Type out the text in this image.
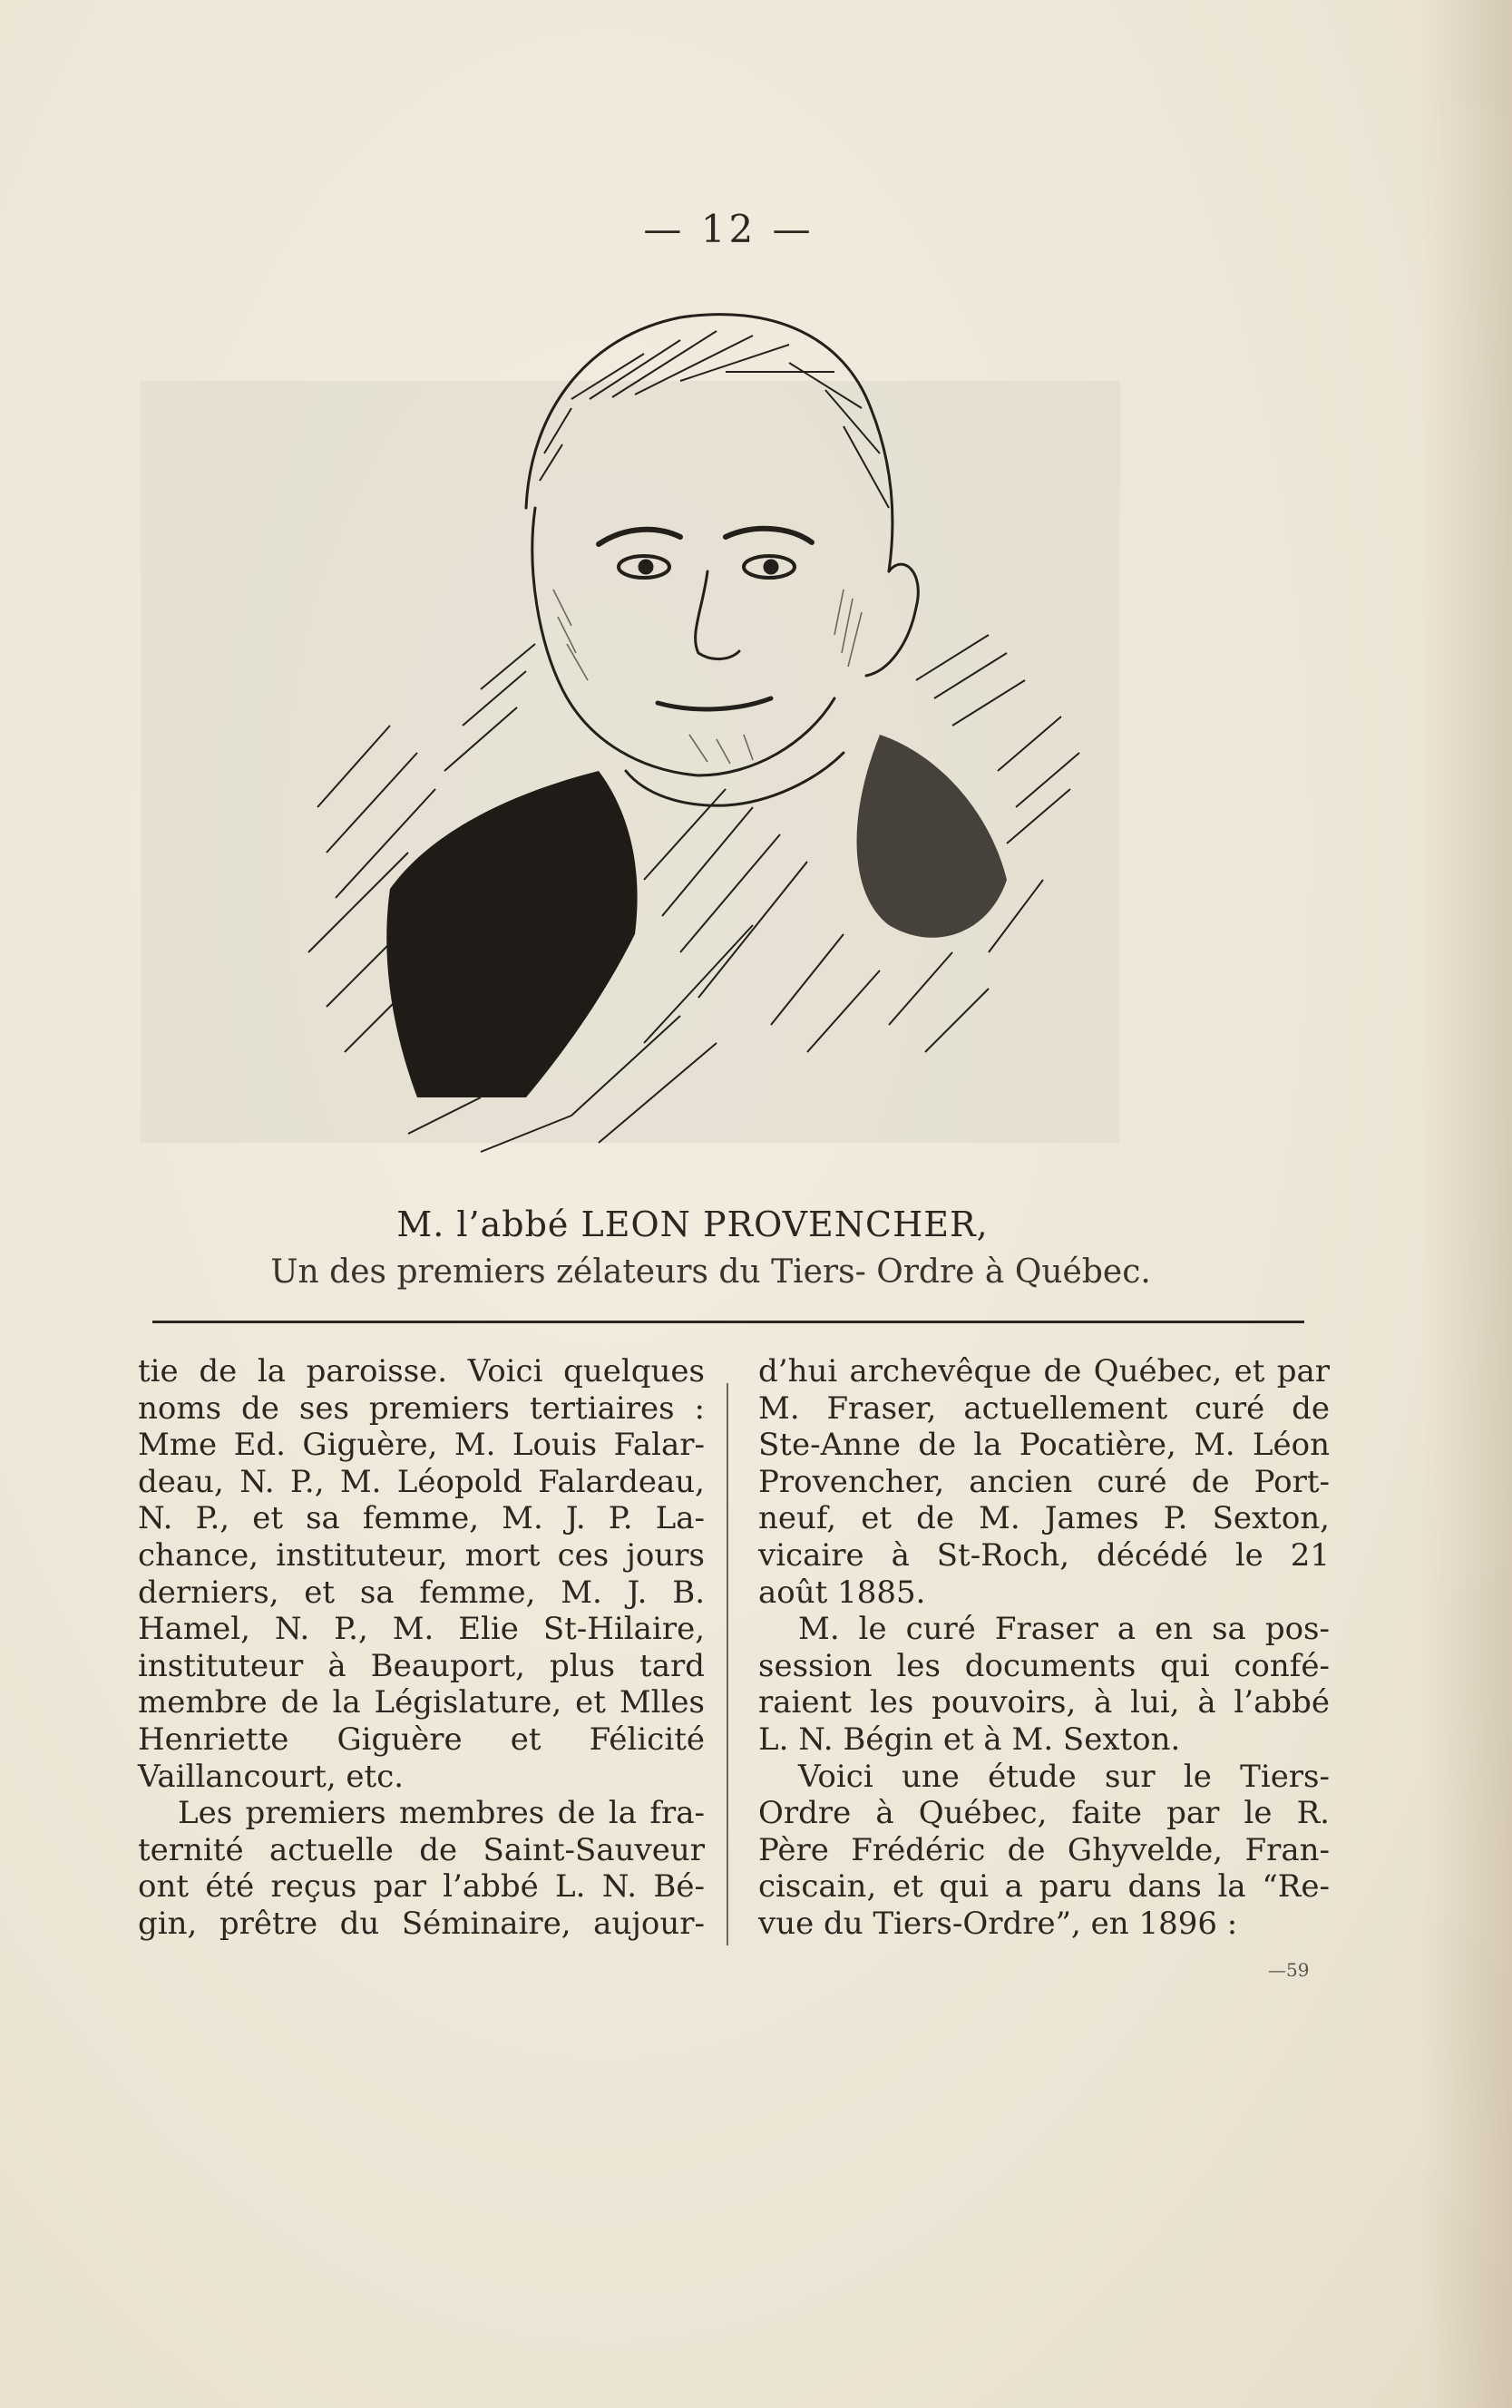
— 12 —
M. l’abbé LEON PROVENCHER,
Un des premiers zélateurs du Tiers- Ordre à Québec.
tie de la paroisse. Voici quelques
noms de ses premiers tertiaires :
Mme Ed. Giguère, M. Louis Falar-
deau, N. P., M. Léopold Falardeau,
N. P., et sa femme, M. J. P. La-
chance, instituteur, mort ces jours
derniers, et sa femme, M. J. B.
Hamel, N. P., M. Elie St-Hilaire,
instituteur à Beauport, plus tard
membre de la Législature, et Mlles
Henriette Giguère et Félicité
Vaillancourt, etc.
Les premiers membres de la fra-
ternité actuelle de Saint-Sauveur
ont été reçus par l’abbé L. N. Bé-
gin, prêtre du Séminaire, aujour-
d’hui archevêque de Québec, et par
M. Fraser, actuellement curé de
Ste-Anne de la Pocatière, M. Léon
Provencher, ancien curé de Port-
neuf, et de M. James P. Sexton,
vicaire à St-Roch, décédé le 21
août 1885.
M. le curé Fraser a en sa pos-
session les documents qui confé-
raient les pouvoirs, à lui, à l’abbé
L. N. Bégin et à M. Sexton.
Voici une étude sur le Tiers-
Ordre à Québec, faite par le R.
Père Frédéric de Ghyvelde, Fran-
ciscain, et qui a paru dans la “Re-
vue du Tiers-Ordre”, en 1896 :
—59
